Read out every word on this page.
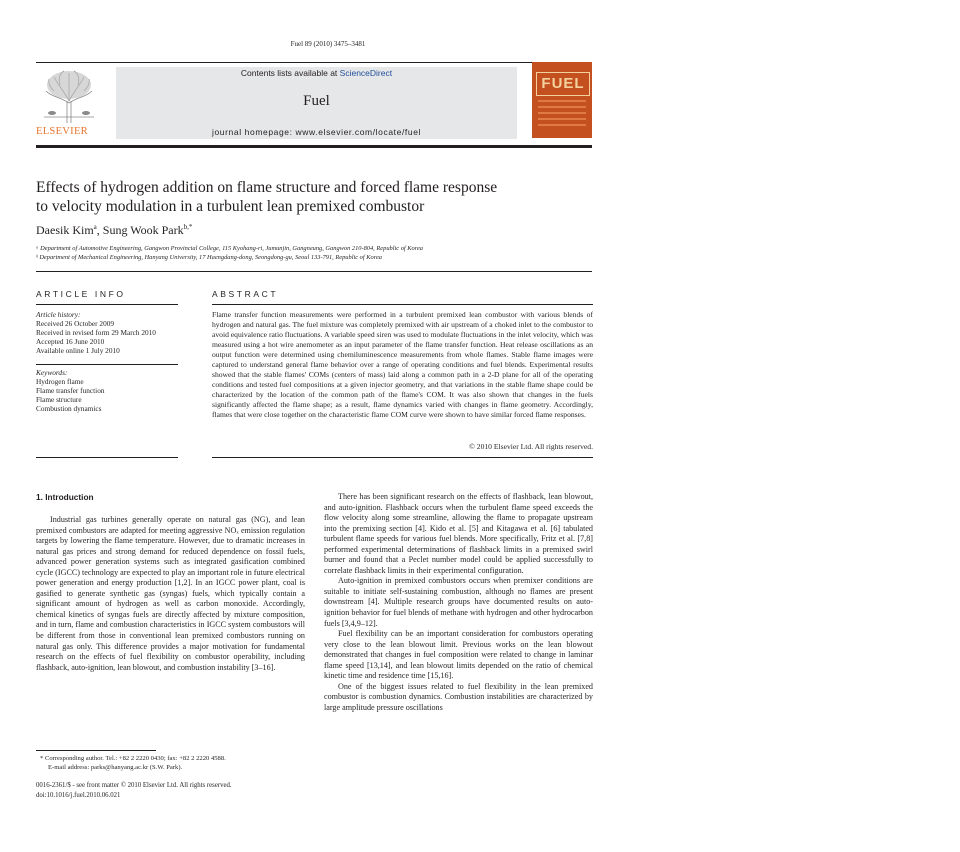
Fuel 89 (2010) 3475–3481
ELSEVIER
Contents lists available at ScienceDirect
Fuel
journal homepage: www.elsevier.com/locate/fuel
FUEL
Effects of hydrogen addition on flame structure and forced flame response
to velocity modulation in a turbulent lean premixed combustor
Daesik Kim$^a$, Sung Wook Park$^{b,*}$
ᵃ Department of Automotive Engineering, Gangwon Provincial College, 115 Kyohang-ri, Jumunjin, Gangneung, Gangwon 210-804, Republic of Korea
ᵇ Department of Mechanical Engineering, Hanyang University, 17 Haengdang-dong, Seongdong-gu, Seoul 133-791, Republic of Korea
ARTICLE INFO
Article history:
Received 26 October 2009
Received in revised form 29 March 2010
Accepted 16 June 2010
Available online 1 July 2010
Keywords:
Hydrogen flame
Flame transfer function
Flame structure
Combustion dynamics
ABSTRACT
Flame transfer function measurements were performed in a turbulent premixed lean combustor with various blends of hydrogen and natural gas. The fuel mixture was completely premixed with air upstream of a choked inlet to the combustor to avoid equivalence ratio fluctuations. A variable speed siren was used to modulate fluctuations in the inlet velocity, which was measured using a hot wire anemometer as an input parameter of the flame transfer function. Heat release oscillations as an output function were determined using chemiluminescence measurements from whole flames. Stable flame images were captured to understand general flame behavior over a range of operating conditions and fuel blends. Experimental results showed that the stable flames' COMs (centers of mass) laid along a common path in a 2-D plane for all of the operating conditions and tested fuel compositions at a given injector geometry, and that variations in the stable flame shape could be characterized by the location of the common path of the flame's COM. It was also shown that changes in the fuels significantly affected the flame shape; as a result, flame dynamics varied with changes in flame geometry. Accordingly, flames that were close together on the characteristic flame COM curve were shown to have similar forced flame responses.
© 2010 Elsevier Ltd. All rights reserved.
1. Introduction

Industrial gas turbines generally operate on natural gas (NG), and lean premixed combustors are adapted for meeting aggressive NOₓ emission regulation targets by lowering the flame temperature. However, due to dramatic increases in natural gas prices and strong demand for reduced dependence on fossil fuels, advanced power generation systems such as integrated gasification combined cycle (IGCC) technology are expected to play an important role in future electrical power generation and energy production [1,2]. In an IGCC power plant, coal is gasified to generate synthetic gas (syngas) fuels, which typically contain a significant amount of hydrogen as well as carbon monoxide. Accordingly, chemical kinetics of syngas fuels are directly affected by mixture composition, and in turn, flame and combustion characteristics in IGCC system combustors will be different from those in conventional lean premixed combustors running on natural gas only. This difference provides a major motivation for fundamental research on the effects of fuel flexibility on combustor operability, including flashback, auto-ignition, lean blowout, and combustion instability [3–16].

There has been significant research on the effects of flashback, lean blowout, and auto-ignition. Flashback occurs when the turbulent flame speed exceeds the flow velocity along some streamline, allowing the flame to propagate upstream into the premixing section [4]. Kido et al. [5] and Kitagawa et al. [6] tabulated turbulent flame speeds for various fuel blends. More specifically, Fritz et al. [7,8] performed experimental determinations of flashback limits in a premixed swirl burner and found that a Peclet number model could be applied successfully to correlate flashback limits in their experimental configuration.

Auto-ignition in premixed combustors occurs when premixer conditions are suitable to initiate self-sustaining combustion, although no flames are present downstream [4]. Multiple research groups have documented results on auto-ignition behavior for fuel blends of methane with hydrogen and other hydrocarbon fuels [3,4,9–12].

Fuel flexibility can be an important consideration for combustors operating very close to the lean blowout limit. Previous works on the lean blowout demonstrated that changes in fuel composition were related to change in laminar flame speed [13,14], and lean blowout limits depended on the ratio of chemical kinetic time and residence time [15,16].

One of the biggest issues related to fuel flexibility in the lean premixed combustor is combustion dynamics. Combustion instabilities are characterized by large amplitude pressure oscillations

* Corresponding author. Tel.: +82 2 2220 0430; fax: +82 2 2220 4588.
E-mail address: parks@hanyang.ac.kr (S.W. Park).
0016-2361/$ - see front matter © 2010 Elsevier Ltd. All rights reserved.
doi:10.1016/j.fuel.2010.06.021
